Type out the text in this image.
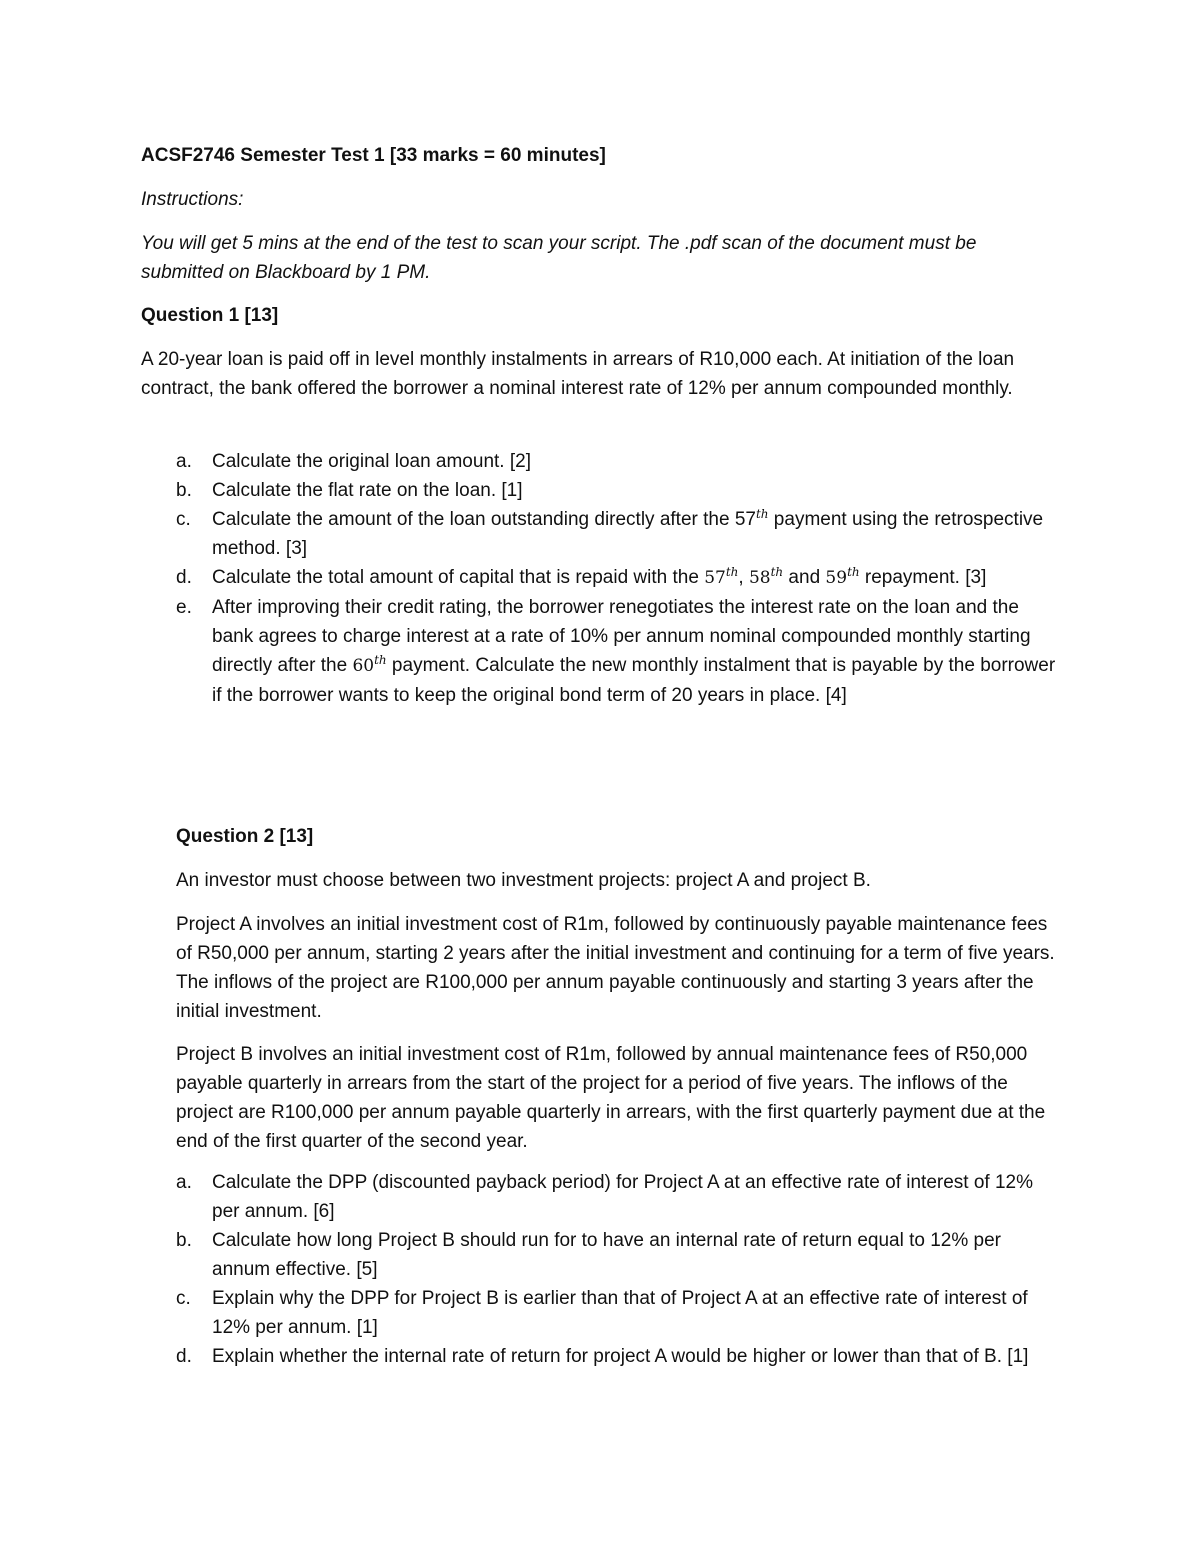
ACSF2746 Semester Test 1 [33 marks = 60 minutes]
Instructions:
You will get 5 mins at the end of the test to scan your script. The .pdf scan of the document must be submitted on Blackboard by 1 PM.
Question 1 [13]
A 20-year loan is paid off in level monthly instalments in arrears of R10,000 each. At initiation of the loan contract, the bank offered the borrower a nominal interest rate of 12% per annum compounded monthly.
a. Calculate the original loan amount. [2]
b. Calculate the flat rate on the loan. [1]
c. Calculate the amount of the loan outstanding directly after the 57th payment using the retrospective method. [3]
d. Calculate the total amount of capital that is repaid with the 57th, 58th and 59th repayment. [3]
e. After improving their credit rating, the borrower renegotiates the interest rate on the loan and the bank agrees to charge interest at a rate of 10% per annum nominal compounded monthly starting directly after the 60th payment. Calculate the new monthly instalment that is payable by the borrower if the borrower wants to keep the original bond term of 20 years in place. [4]
Question 2 [13]
An investor must choose between two investment projects: project A and project B.
Project A involves an initial investment cost of R1m, followed by continuously payable maintenance fees of R50,000 per annum, starting 2 years after the initial investment and continuing for a term of five years. The inflows of the project are R100,000 per annum payable continuously and starting 3 years after the initial investment.
Project B involves an initial investment cost of R1m, followed by annual maintenance fees of R50,000 payable quarterly in arrears from the start of the project for a period of five years. The inflows of the project are R100,000 per annum payable quarterly in arrears, with the first quarterly payment due at the end of the first quarter of the second year.
a. Calculate the DPP (discounted payback period) for Project A at an effective rate of interest of 12% per annum. [6]
b. Calculate how long Project B should run for to have an internal rate of return equal to 12% per annum effective. [5]
c. Explain why the DPP for Project B is earlier than that of Project A at an effective rate of interest of 12% per annum. [1]
d. Explain whether the internal rate of return for project A would be higher or lower than that of B. [1]
